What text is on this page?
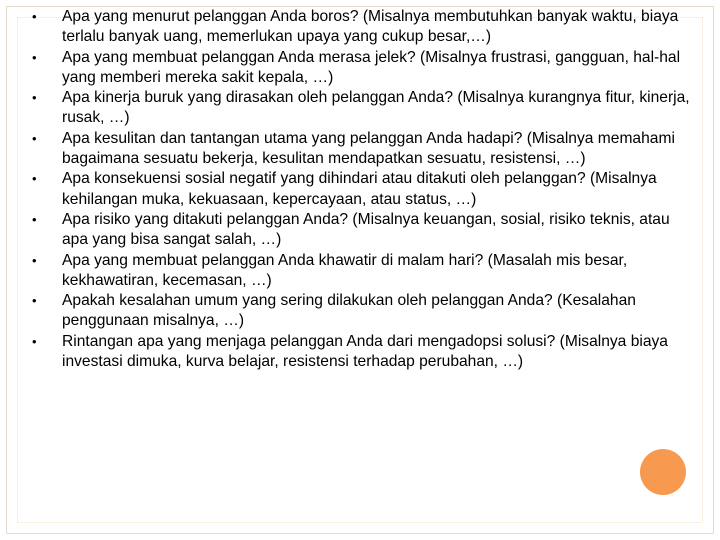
• Apa yang menurut pelanggan Anda boros? (Misalnya membutuhkan banyak waktu, biaya terlalu banyak uang, memerlukan upaya yang cukup besar,…)
• Apa yang membuat pelanggan Anda merasa jelek? (Misalnya frustrasi, gangguan, hal-hal yang memberi mereka sakit kepala, …)
• Apa kinerja buruk yang dirasakan oleh pelanggan Anda? (Misalnya kurangnya fitur, kinerja, rusak, …)
• Apa kesulitan dan tantangan utama yang pelanggan Anda hadapi? (Misalnya memahami bagaimana sesuatu bekerja, kesulitan mendapatkan sesuatu, resistensi, …)
• Apa konsekuensi sosial negatif yang dihindari atau ditakuti oleh pelanggan? (Misalnya kehilangan muka, kekuasaan, kepercayaan, atau status, …)
• Apa risiko yang ditakuti pelanggan Anda? (Misalnya keuangan, sosial, risiko teknis, atau apa yang bisa sangat salah, …)
• Apa yang membuat pelanggan Anda khawatir di malam hari? (Masalah mis besar, kekhawatiran, kecemasan, …)
• Apakah kesalahan umum yang sering dilakukan oleh pelanggan Anda? (Kesalahan penggunaan misalnya, …)
• Rintangan apa yang menjaga pelanggan Anda dari mengadopsi solusi? (Misalnya biaya investasi dimuka, kurva belajar, resistensi terhadap perubahan, …)
